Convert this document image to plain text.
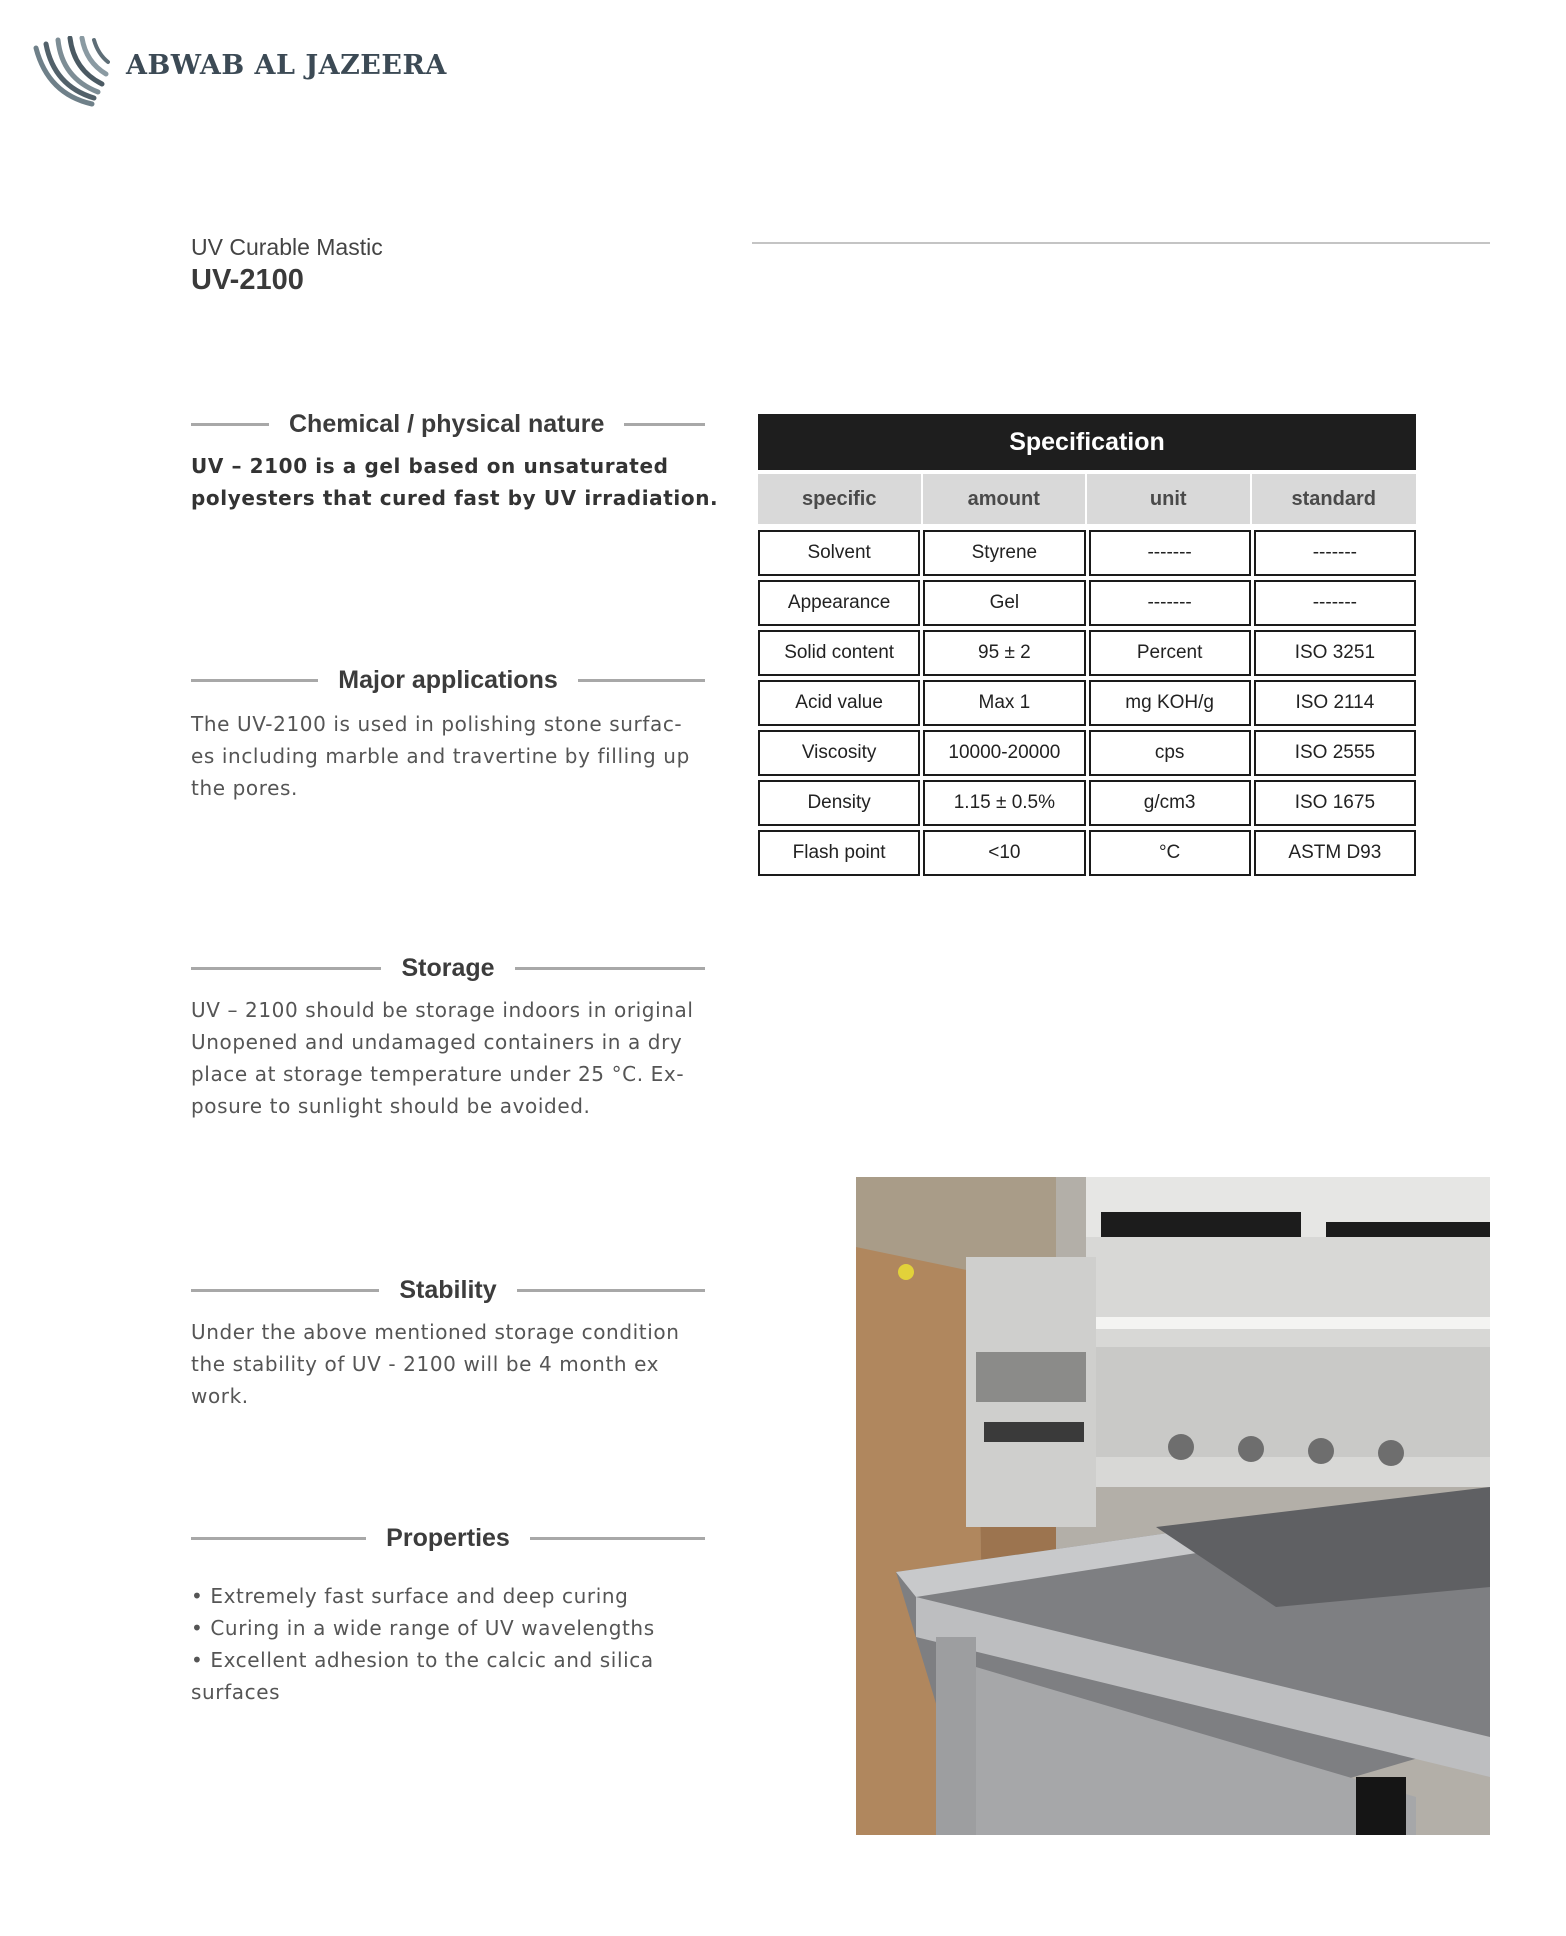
ABWAB AL JAZEERA
UV Curable Mastic
UV-2100
Chemical / physical nature
UV – 2100 is a gel based on unsaturated
polyesters that cured fast by UV irradiation.
Major applications
The UV-2100 is used in polishing stone surfac-
es including marble and travertine by filling up
the pores.
Storage
UV – 2100 should be storage indoors in original
Unopened and undamaged containers in a dry
place at storage temperature under 25 °C. Ex-
posure to sunlight should be avoided.
Stability
Under the above mentioned storage condition
the stability of UV - 2100 will be 4 month ex
work.
Properties
• Extremely fast surface and deep curing
• Curing in a wide range of UV wavelengths
• Excellent adhesion to the calcic and silica
surfaces
Specification
specific	amount	unit	standard
Solvent	Styrene	-------	-------
Appearance	Gel	-------	-------
Solid content	95 ± 2	Percent	ISO 3251
Acid value	Max 1	mg KOH/g	ISO 2114
Viscosity	10000-20000	cps	ISO 2555
Density	1.15 ± 0.5%	g/cm3	ISO 1675
Flash point	<10	°C	ASTM D93
